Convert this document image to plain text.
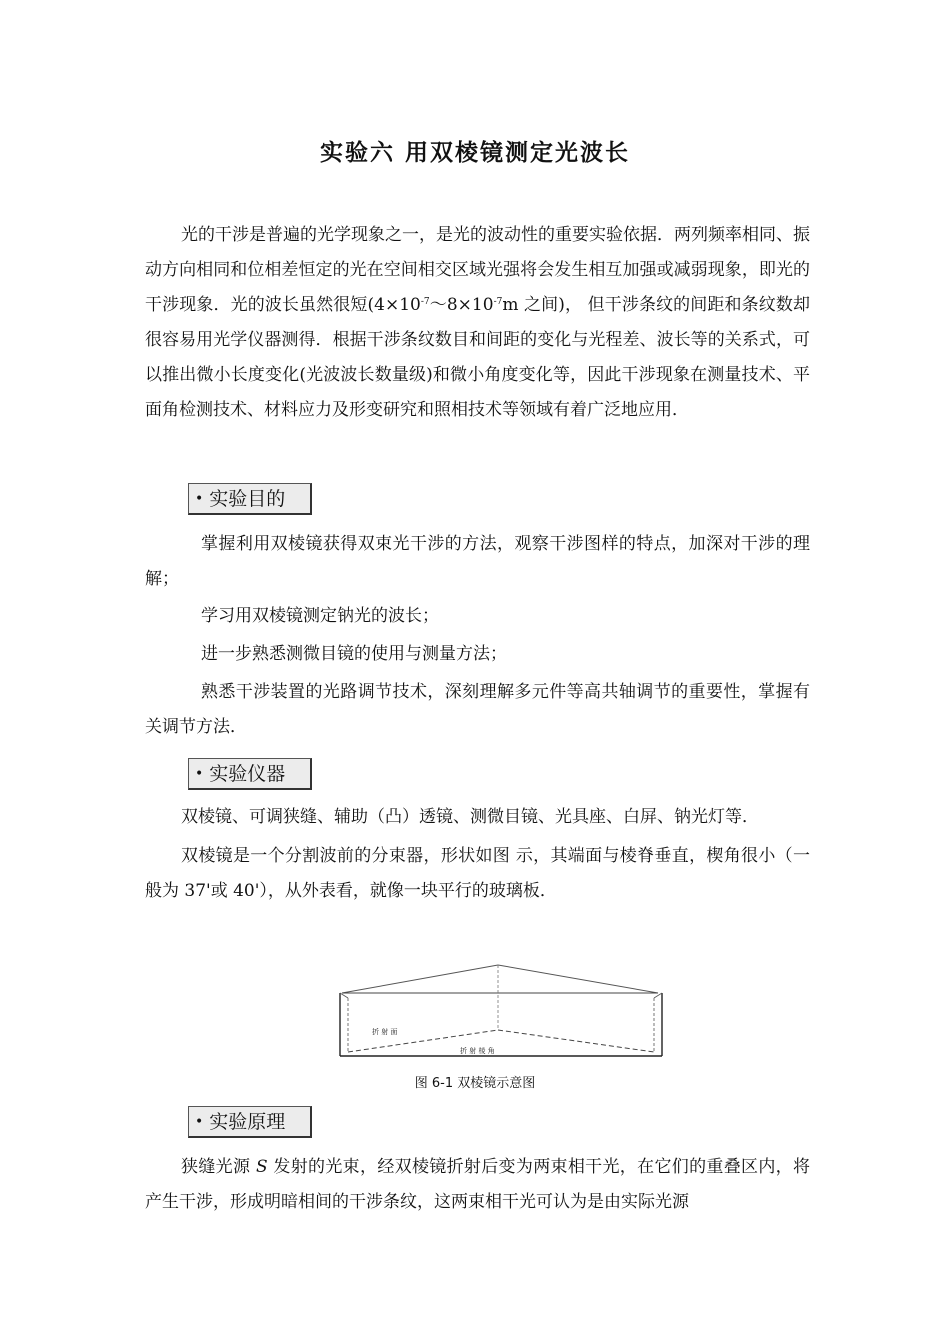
实验六 用双棱镜测定光波长

光的干涉是普遍的光学现象之一，是光的波动性的重要实验依据．两列频率相同、振动方向相同和位相差恒定的光在空间相交区域光强将会发生相互加强或减弱现象，即光的干涉现象．光的波长虽然很短($4\times 10^{-7}\sim 8\times 10^{-7}m$ 之间)， 但干涉条纹的间距和条纹数却很容易用光学仪器测得．根据干涉条纹数目和间距的变化与光程差、波长等的关系式，可以推出微小长度变化(光波波长数量级)和微小角度变化等，因此干涉现象在测量技术、平面角检测技术、材料应力及形变研究和照相技术等领域有着广泛地应用．

• 实验目的

掌握利用双棱镜获得双束光干涉的方法，观察干涉图样的特点，加深对干涉的理解；

学习用双棱镜测定钠光的波长；

进一步熟悉测微目镜的使用与测量方法；

熟悉干涉装置的光路调节技术，深刻理解多元件等高共轴调节的重要性，掌握有关调节方法．

• 实验仪器

双棱镜、可调狭缝、辅助（凸）透镜、测微目镜、光具座、白屏、钠光灯等．

双棱镜是一个分割波前的分束器，形状如图 示，其端面与棱脊垂直，楔角很小（一般为 37'或 40'），从外表看，就像一块平行的玻璃板．

折 射 面
折 射 棱 角
图 6-1 双棱镜示意图
• 实验原理

狭缝光源 S 发射的光束，经双棱镜折射后变为两束相干光，在它们的重叠区内，将产生干涉，形成明暗相间的干涉条纹，这两束相干光可认为是由实际光源
